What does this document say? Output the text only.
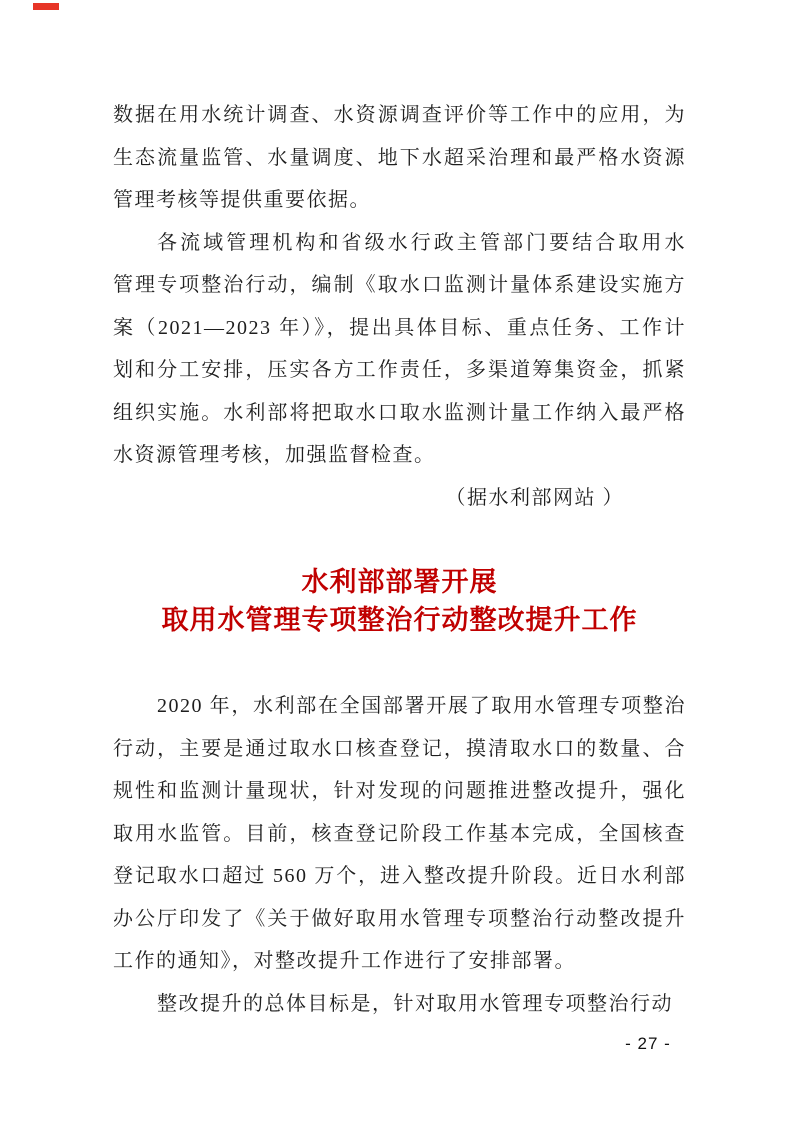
数据在用水统计调查、水资源调查评价等工作中的应用，为
生态流量监管、水量调度、地下水超采治理和最严格水资源
管理考核等提供重要依据。
各流域管理机构和省级水行政主管部门要结合取用水
管理专项整治行动，编制《取水口监测计量体系建设实施方
案（2021—2023 年）》，提出具体目标、重点任务、工作计
划和分工安排，压实各方工作责任，多渠道筹集资金，抓紧
组织实施。水利部将把取水口取水监测计量工作纳入最严格
水资源管理考核，加强监督检查。
（据水利部网站 ）
水利部部署开展
取用水管理专项整治行动整改提升工作
2020 年，水利部在全国部署开展了取用水管理专项整治
行动，主要是通过取水口核查登记，摸清取水口的数量、合
规性和监测计量现状，针对发现的问题推进整改提升，强化
取用水监管。目前，核查登记阶段工作基本完成，全国核查
登记取水口超过 560 万个，进入整改提升阶段。近日水利部
办公厅印发了《关于做好取用水管理专项整治行动整改提升
工作的通知》，对整改提升工作进行了安排部署。
整改提升的总体目标是，针对取用水管理专项整治行动
- 27 -
